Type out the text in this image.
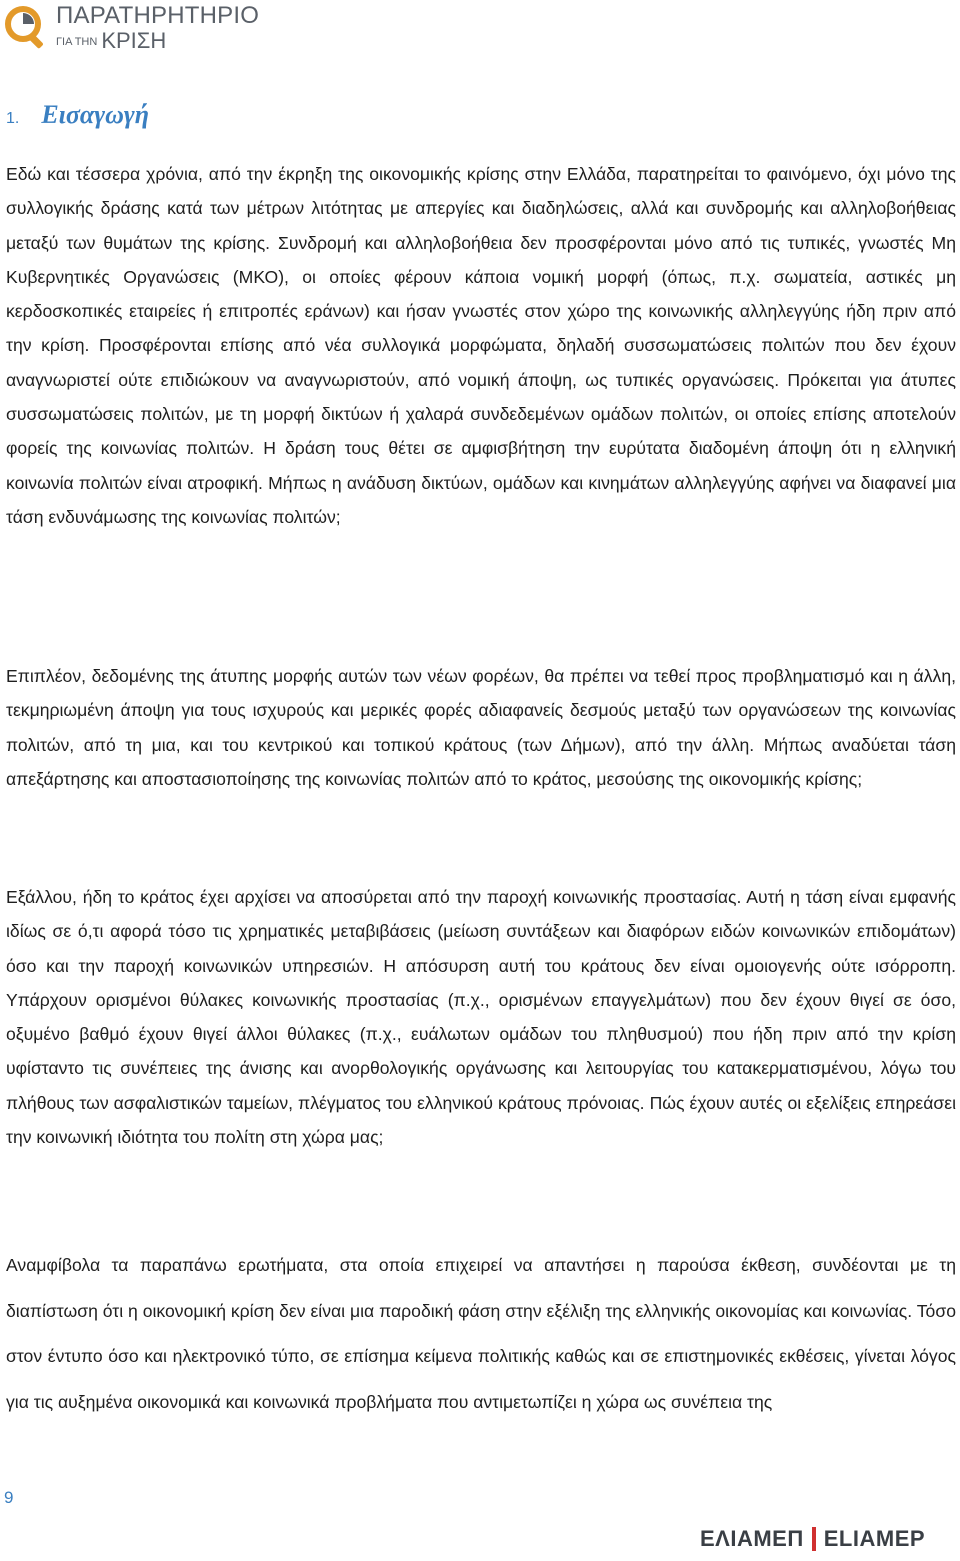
ΠΑΡΑΤΗΡΗΤΗΡΙΟ
ΓΙΑ ΤΗΝ ΚΡΙΣΗ
1. Εισαγωγή

Εδώ και τέσσερα χρόνια, από την έκρηξη της οικονομικής κρίσης στην Ελλάδα, παρατηρείται το φαινόμενο, όχι μόνο της συλλογικής δράσης κατά των μέτρων λιτότητας με απεργίες και διαδηλώσεις, αλλά και συνδρομής και αλληλοβοήθειας μεταξύ των θυμάτων της κρίσης. Συνδρομή και αλληλοβοήθεια δεν προσφέρονται μόνο από τις τυπικές, γνωστές Μη Κυβερνητικές Οργανώσεις (ΜΚΟ), οι οποίες φέρουν κάποια νομική μορφή (όπως, π.χ. σωματεία, αστικές μη κερδοσκοπικές εταιρείες ή επιτροπές εράνων) και ήσαν γνωστές στον χώρο της κοινωνικής αλληλεγγύης ήδη πριν από την κρίση. Προσφέρονται επίσης από νέα συλλογικά μορφώματα, δηλαδή συσσωματώσεις πολιτών που δεν έχουν αναγνωριστεί ούτε επιδιώκουν να αναγνωριστούν, από νομική άποψη, ως τυπικές οργανώσεις. Πρόκειται για άτυπες συσσωματώσεις πολιτών, με τη μορφή δικτύων ή χαλαρά συνδεδεμένων ομάδων πολιτών, οι οποίες επίσης αποτελούν φορείς της κοινωνίας πολιτών. Η δράση τους θέτει σε αμφισβήτηση την ευρύτατα διαδομένη άποψη ότι η ελληνική κοινωνία πολιτών είναι ατροφική. Μήπως η ανάδυση δικτύων, ομάδων και κινημάτων αλληλεγγύης αφήνει να διαφανεί μια τάση ενδυνάμωσης της κοινωνίας πολιτών;

Επιπλέον, δεδομένης της άτυπης μορφής αυτών των νέων φορέων, θα πρέπει να τεθεί προς προβληματισμό και η άλλη, τεκμηριωμένη άποψη για τους ισχυρούς και μερικές φορές αδιαφανείς δεσμούς μεταξύ των οργανώσεων της κοινωνίας πολιτών, από τη μια, και του κεντρικού και τοπικού κράτους (των Δήμων), από την άλλη. Μήπως αναδύεται τάση απεξάρτησης και αποστασιοποίησης της κοινωνίας πολιτών από το κράτος, μεσούσης της οικονομικής κρίσης;

Εξάλλου, ήδη το κράτος έχει αρχίσει να αποσύρεται από την παροχή κοινωνικής προστασίας. Αυτή η τάση είναι εμφανής ιδίως σε ό,τι αφορά τόσο τις χρηματικές μεταβιβάσεις (μείωση συντάξεων και διαφόρων ειδών κοινωνικών επιδομάτων) όσο και την παροχή κοινωνικών υπηρεσιών. Η απόσυρση αυτή του κράτους δεν είναι ομοιογενής ούτε ισόρροπη. Υπάρχουν ορισμένοι θύλακες κοινωνικής προστασίας (π.χ., ορισμένων επαγγελμάτων) που δεν έχουν θιγεί σε όσο, οξυμένο βαθμό έχουν θιγεί άλλοι θύλακες (π.χ., ευάλωτων ομάδων του πληθυσμού) που ήδη πριν από την κρίση υφίσταντο τις συνέπειες της άνισης και ανορθολογικής οργάνωσης και λειτουργίας του κατακερματισμένου, λόγω του πλήθους των ασφαλιστικών ταμείων, πλέγματος του ελληνικού κράτους πρόνοιας. Πώς έχουν αυτές οι εξελίξεις επηρεάσει την κοινωνική ιδιότητα του πολίτη στη χώρα μας;

Αναμφίβολα τα παραπάνω ερωτήματα, στα οποία επιχειρεί να απαντήσει η παρούσα έκθεση, συνδέονται με τη διαπίστωση ότι η οικονομική κρίση δεν είναι μια παροδική φάση στην εξέλιξη της ελληνικής οικονομίας και κοινωνίας. Τόσο στον έντυπο όσο και ηλεκτρονικό τύπο, σε επίσημα κείμενα πολιτικής καθώς και σε επιστημονικές εκθέσεις, γίνεται λόγος για τις αυξημένα οικονομικά και κοινωνικά προβλήματα που αντιμετωπίζει η χώρα ως συνέπεια της

9
ΕΛΙΑΜΕΠ ELIAMEP
